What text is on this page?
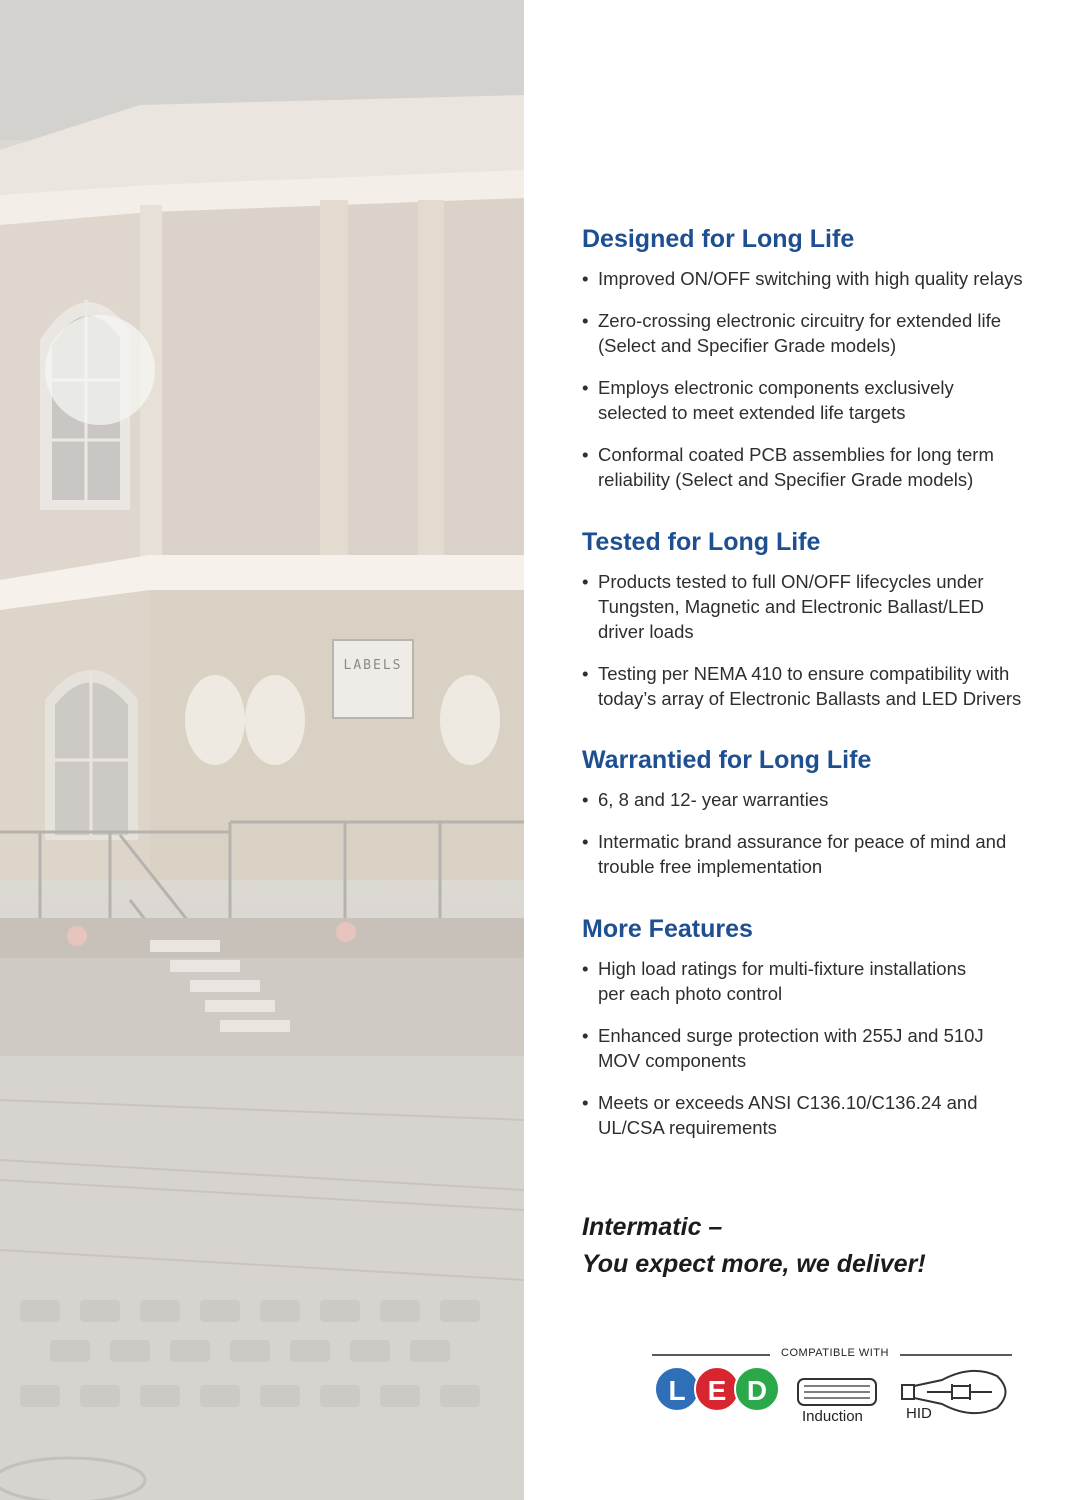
LABELS
Designed for Long Life
• Improved ON/OFF switching with high quality relays
• Zero-crossing electronic circuitry for extended life
(Select and Specifier Grade models)
• Employs electronic components exclusively
selected to meet extended life targets
• Conformal coated PCB assemblies for long term
reliability (Select and Specifier Grade models)
Tested for Long Life
• Products tested to full ON/OFF lifecycles under
Tungsten, Magnetic and Electronic Ballast/LED
driver loads
• Testing per NEMA 410 to ensure compatibility with
today’s array of Electronic Ballasts and LED Drivers
Warrantied for Long Life
• 6, 8 and 12- year warranties
• Intermatic brand assurance for peace of mind and
trouble free implementation
More Features
• High load ratings for multi-fixture installations
per each photo control
• Enhanced surge protection with 255J and 510J
MOV components
• Meets or exceeds ANSI C136.10/C136.24 and
UL/CSA requirements
Intermatic –
You expect more, we deliver!
COMPATIBLE WITH
L E D
Induction	HID
